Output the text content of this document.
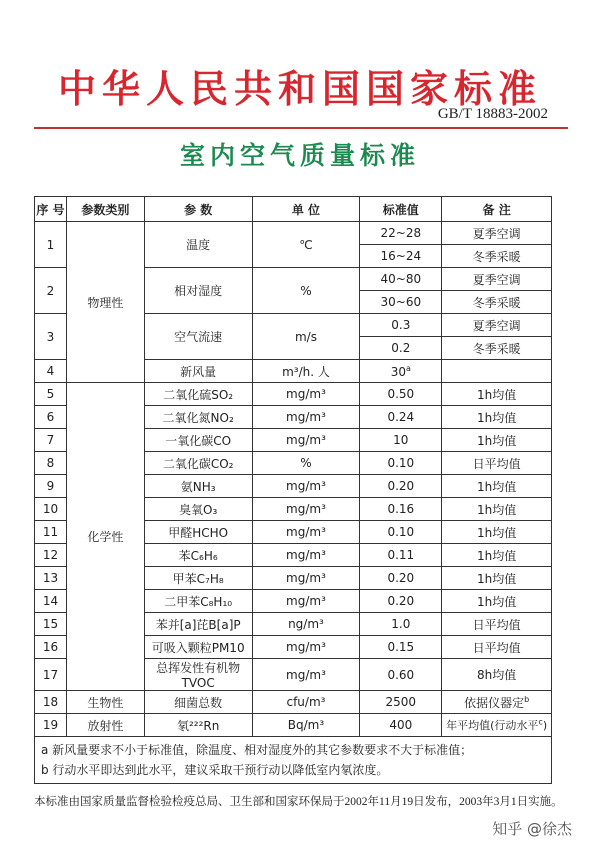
中华人民共和国国家标准
GB/T 18883-2002
室内空气质量标准
序 号	参数类别	参 数	单 位	标准值	备 注
1	物理性	温度	℃	22~28	夏季空调
				16~24	冬季采暖
2		相对湿度	%	40~80	夏季空调
				30~60	冬季采暖
3		空气流速	m/s	0.3	夏季空调
				0.2	冬季采暖
4		新风量	m³/h. 人	30$^a$	
5	化学性	二氧化硫SO₂	mg/m³	0.50	1h均值
6		二氧化氮NO₂	mg/m³	0.24	1h均值
7		一氧化碳CO	mg/m³	10	1h均值
8		二氧化碳CO₂	%	0.10	日平均值
9		氨NH₃	mg/m³	0.20	1h均值
10		臭氧O₃	mg/m³	0.16	1h均值
11		甲醛HCHO	mg/m³	0.10	1h均值
12		苯C₆H₆	mg/m³	0.11	1h均值
13		甲苯C₇H₈	mg/m³	0.20	1h均值
14		二甲苯C₈H₁₀	mg/m³	0.20	1h均值
15		苯并[a]芘B[a]P	ng/m³	1.0	日平均值
16		可吸入颗粒PM10	mg/m³	0.15	日平均值
17		总挥发性有机物TVOC	mg/m³	0.60	8h均值
18	生物性	细菌总数	cfu/m³	2500	依据仪器定$^b$
19	放射性	氡²²²Rn	Bq/m³	400	年平均值(行动水平$^c$)
a 新风量要求不小于标准值，除温度、相对湿度外的其它参数要求不大于标准值；
b 行动水平即达到此水平，建议采取干预行动以降低室内氡浓度。
本标准由国家质量监督检验检疫总局、卫生部和国家环保局于2002年11月19日发布，2003年3月1日实施。
知乎 @徐杰
